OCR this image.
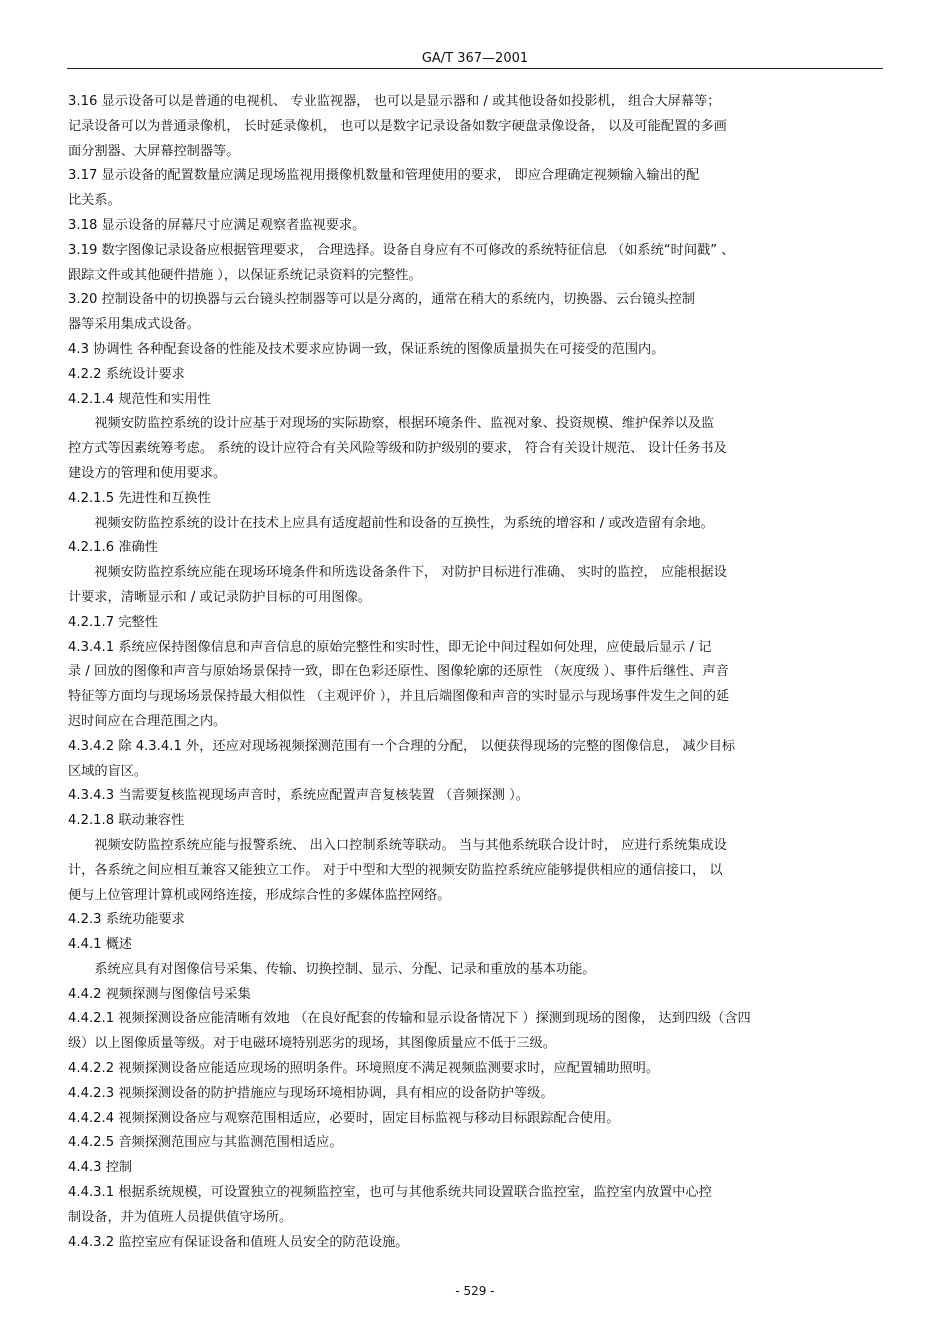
GA/T 367—2001

3.16 显示设备可以是普通的电视机、 专业监视器， 也可以是显示器和 / 或其他设备如投影机， 组合大屏幕等；

记录设备可以为普通录像机， 长时延录像机， 也可以是数字记录设备如数字硬盘录像设备， 以及可能配置的多画

面分割器、大屏幕控制器等。

3.17 显示设备的配置数量应满足现场监视用摄像机数量和管理使用的要求， 即应合理确定视频输入输出的配

比关系。

3.18 显示设备的屏幕尺寸应满足观察者监视要求。

3.19 数字图像记录设备应根据管理要求， 合理选择。设备自身应有不可修改的系统特征信息 （如系统“时间戳” 、

跟踪文件或其他硬件措施 ），以保证系统记录资料的完整性。

3.20 控制设备中的切换器与云台镜头控制器等可以是分离的，通常在稍大的系统内，切换器、云台镜头控制

器等采用集成式设备。

4.3 协调性 各种配套设备的性能及技术要求应协调一致，保证系统的图像质量损失在可接受的范围内。

4.2.2 系统设计要求

4.2.1.4 规范性和实用性

　　视频安防监控系统的设计应基于对现场的实际勘察，根据环境条件、监视对象、投资规模、维护保养以及监

控方式等因素统筹考虑。 系统的设计应符合有关风险等级和防护级别的要求， 符合有关设计规范、 设计任务书及

建设方的管理和使用要求。

4.2.1.5 先进性和互换性

　　视频安防监控系统的设计在技术上应具有适度超前性和设备的互换性，为系统的增容和 / 或改造留有余地。

4.2.1.6 准确性

　　视频安防监控系统应能在现场环境条件和所选设备条件下， 对防护目标进行准确、 实时的监控， 应能根据设

计要求，清晰显示和 / 或记录防护目标的可用图像。

4.2.1.7 完整性

4.3.4.1 系统应保持图像信息和声音信息的原始完整性和实时性，即无论中间过程如何处理，应使最后显示 / 记

录 / 回放的图像和声音与原始场景保持一致，即在色彩还原性、图像轮廓的还原性 （灰度级 ）、事件后继性、声音

特征等方面均与现场场景保持最大相似性 （主观评价 ），并且后端图像和声音的实时显示与现场事件发生之间的延

迟时间应在合理范围之内。

4.3.4.2 除 4.3.4.1 外，还应对现场视频探测范围有一个合理的分配， 以便获得现场的完整的图像信息， 减少目标

区域的盲区。

4.3.4.3 当需要复核监视现场声音时，系统应配置声音复核装置 （音频探测 ）。

4.2.1.8 联动兼容性

　　视频安防监控系统应能与报警系统、 出入口控制系统等联动。 当与其他系统联合设计时， 应进行系统集成设

计，各系统之间应相互兼容又能独立工作。 对于中型和大型的视频安防监控系统应能够提供相应的通信接口， 以

便与上位管理计算机或网络连接，形成综合性的多媒体监控网络。

4.2.3 系统功能要求

4.4.1 概述

　　系统应具有对图像信号采集、传输、切换控制、显示、分配、记录和重放的基本功能。

4.4.2 视频探测与图像信号采集

4.4.2.1 视频探测设备应能清晰有效地 （在良好配套的传输和显示设备情况下 ）探测到现场的图像， 达到四级（含四

级）以上图像质量等级。对于电磁环境特别恶劣的现场，其图像质量应不低于三级。

4.4.2.2 视频探测设备应能适应现场的照明条件。环境照度不满足视频监测要求时，应配置辅助照明。

4.4.2.3 视频探测设备的防护措施应与现场环境相协调，具有相应的设备防护等级。

4.4.2.4 视频探测设备应与观察范围相适应，必要时，固定目标监视与移动目标跟踪配合使用。

4.4.2.5 音频探测范围应与其监测范围相适应。

4.4.3 控制

4.4.3.1 根据系统规模，可设置独立的视频监控室，也可与其他系统共同设置联合监控室，监控室内放置中心控

制设备，并为值班人员提供值守场所。

4.4.3.2 监控室应有保证设备和值班人员安全的防范设施。

- 529 -
